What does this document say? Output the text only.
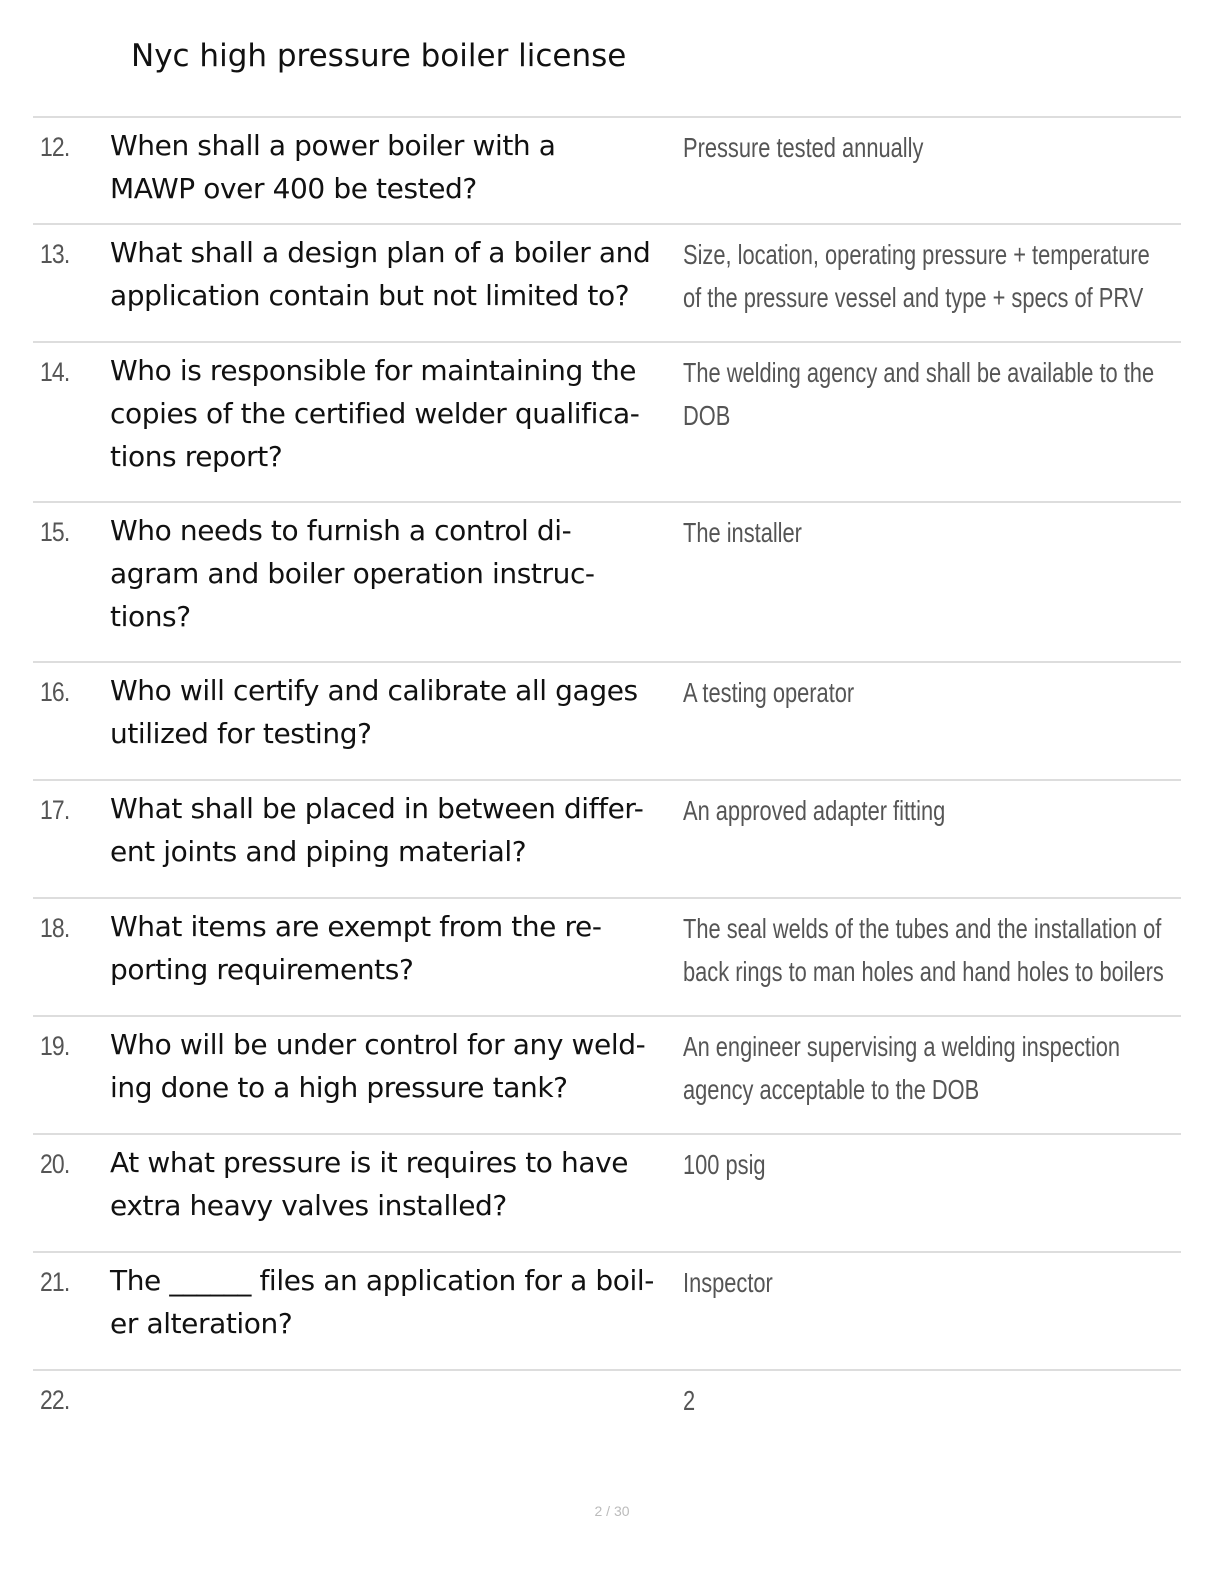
Nyc high pressure boiler license
12. When shall a power boiler with a
MAWP over 400 be tested?
Pressure tested annually
13. What shall a design plan of a boiler and
application contain but not limited to?
Size, location, operating pressure + temperature
of the pressure vessel and type + specs of PRV
14. Who is responsible for maintaining the
copies of the certified welder qualifica-
tions report?
The welding agency and shall be available to the
DOB
15. Who needs to furnish a control di-
agram and boiler operation instruc-
tions?
The installer
16. Who will certify and calibrate all gages
utilized for testing?
A testing operator
17. What shall be placed in between differ-
ent joints and piping material?
An approved adapter fitting
18. What items are exempt from the re-
porting requirements?
The seal welds of the tubes and the installation of
back rings to man holes and hand holes to boilers
19. Who will be under control for any weld-
ing done to a high pressure tank?
An engineer supervising a welding inspection
agency acceptable to the DOB
20. At what pressure is it requires to have
extra heavy valves installed?
100 psig
21. The ______ files an application for a boil-
er alteration?
Inspector
22.	2
2 / 30
